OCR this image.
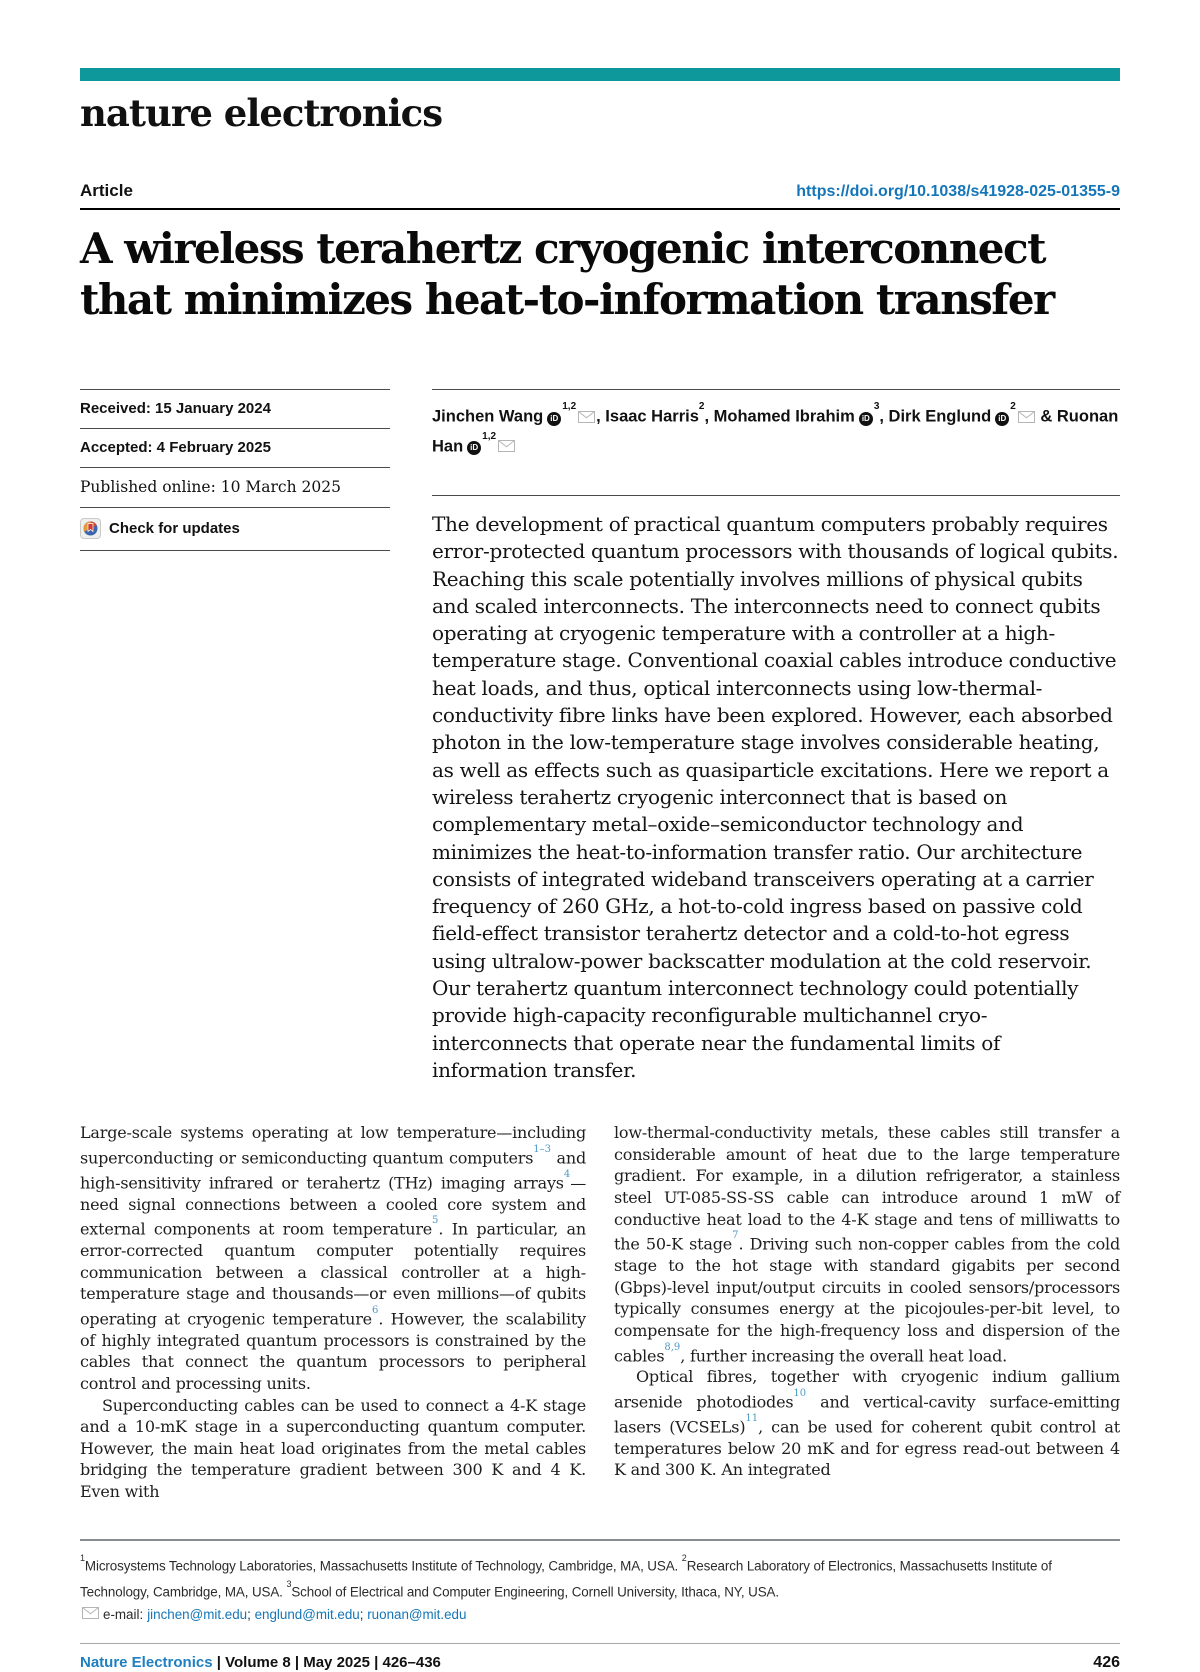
nature electronics
Article	https://doi.org/10.1038/s41928-025-01355-9
A wireless terahertz cryogenic interconnect
that minimizes heat-to-information transfer
Received: 15 January 2024
Accepted: 4 February 2025
Published online: 10 March 2025
Check for updates
Jinchen Wang iD$^{1,2}$, Isaac Harris$^2$, Mohamed Ibrahim $iD^3$, Dirk Englund $iD^2$ & Ruonan Han iD$^{1,2}$

The development of practical quantum computers probably requires error-protected quantum processors with thousands of logical qubits. Reaching this scale potentially involves millions of physical qubits and scaled interconnects. The interconnects need to connect qubits operating at cryogenic temperature with a controller at a high-temperature stage. Conventional coaxial cables introduce conductive heat loads, and thus, optical interconnects using low-thermal-conductivity fibre links have been explored. However, each absorbed photon in the low-temperature stage involves considerable heating, as well as effects such as quasiparticle excitations. Here we report a wireless terahertz cryogenic interconnect that is based on complementary metal–oxide–semiconductor technology and minimizes the heat-to-information transfer ratio. Our architecture consists of integrated wideband transceivers operating at a carrier frequency of 260 GHz, a hot-to-cold ingress based on passive cold field-effect transistor terahertz detector and a cold-to-hot egress using ultralow-power backscatter modulation at the cold reservoir. Our terahertz quantum interconnect technology could potentially provide high-capacity reconfigurable multichannel cryo-interconnects that operate near the fundamental limits of information transfer.

Large-scale systems operating at low temperature—including superconducting or semiconducting quantum computers$^{1-3}$ and high-sensitivity infrared or terahertz (THz) imaging arrays$^4$—need signal connections between a cooled core system and external components at room temperature$^5$. In particular, an error-corrected quantum computer potentially requires communication between a classical controller at a high-temperature stage and thousands—or even millions—of qubits operating at cryogenic temperature$^6$. However, the scalability of highly integrated quantum processors is constrained by the cables that connect the quantum processors to peripheral control and processing units.

Superconducting cables can be used to connect a 4-K stage and a 10-mK stage in a superconducting quantum computer. However, the main heat load originates from the metal cables bridging the temperature gradient between 300 K and 4 K. Even with

low-thermal-conductivity metals, these cables still transfer a considerable amount of heat due to the large temperature gradient. For example, in a dilution refrigerator, a stainless steel UT-085-SS-SS cable can introduce around 1 mW of conductive heat load to the 4-K stage and tens of milliwatts to the 50-K stage$^7$. Driving such non-copper cables from the cold stage to the hot stage with standard gigabits per second (Gbps)-level input/output circuits in cooled sensors/processors typically consumes energy at the picojoules-per-bit level, to compensate for the high-frequency loss and dispersion of the cables$^{8,9}$, further increasing the overall heat load.

Optical fibres, together with cryogenic indium gallium arsenide photodiodes$^{10}$ and vertical-cavity surface-emitting lasers (VCSELs)$^{11}$, can be used for coherent qubit control at temperatures below 20 mK and for egress read-out between 4 K and 300 K. An integrated

$^1$Microsystems Technology Laboratories, Massachusetts Institute of Technology, Cambridge, MA, USA. $^2$Research Laboratory of Electronics, Massachusetts Institute of Technology, Cambridge, MA, USA. $^3$School of Electrical and Computer Engineering, Cornell University, Ithaca, NY, USA.
e-mail: jinchen@mit.edu; englund@mit.edu; ruonan@mit.edu
Nature Electronics | Volume 8 | May 2025 | 426–436	426
